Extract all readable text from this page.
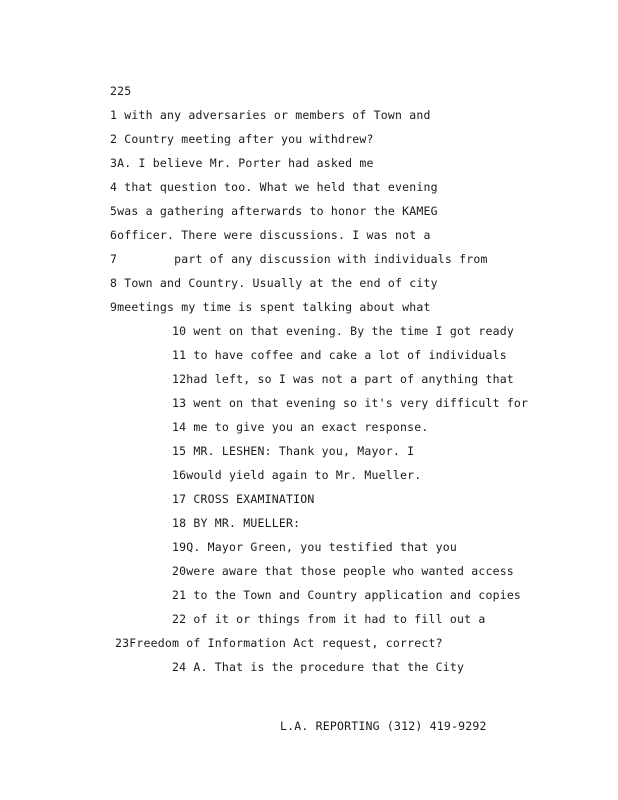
225
1 with any adversaries or members of Town and
2 Country meeting after you withdrew?
3A. I believe Mr. Porter had asked me
4 that question too. What we held that evening
5was a gathering afterwards to honor the KAMEG
6officer. There were discussions. I was not a
7	part of any discussion with individuals from
8 Town and Country. Usually at the end of city
9meetings my time is spent talking about what
10 went on that evening. By the time I got ready
11 to have coffee and cake a lot of individuals
12had left, so I was not a part of anything that
13 went on that evening so it's very difficult for
14 me to give you an exact response.
15 MR. LESHEN: Thank you, Mayor. I
16would yield again to Mr. Mueller.
17 CROSS EXAMINATION
18 BY MR. MUELLER:
19Q. Mayor Green, you testified that you
20were aware that those people who wanted access
21 to the Town and Country application and copies
22 of it or things from it had to fill out a
23Freedom of Information Act request, correct?
24 A. That is the procedure that the City
L.A. REPORTING (312) 419-9292
